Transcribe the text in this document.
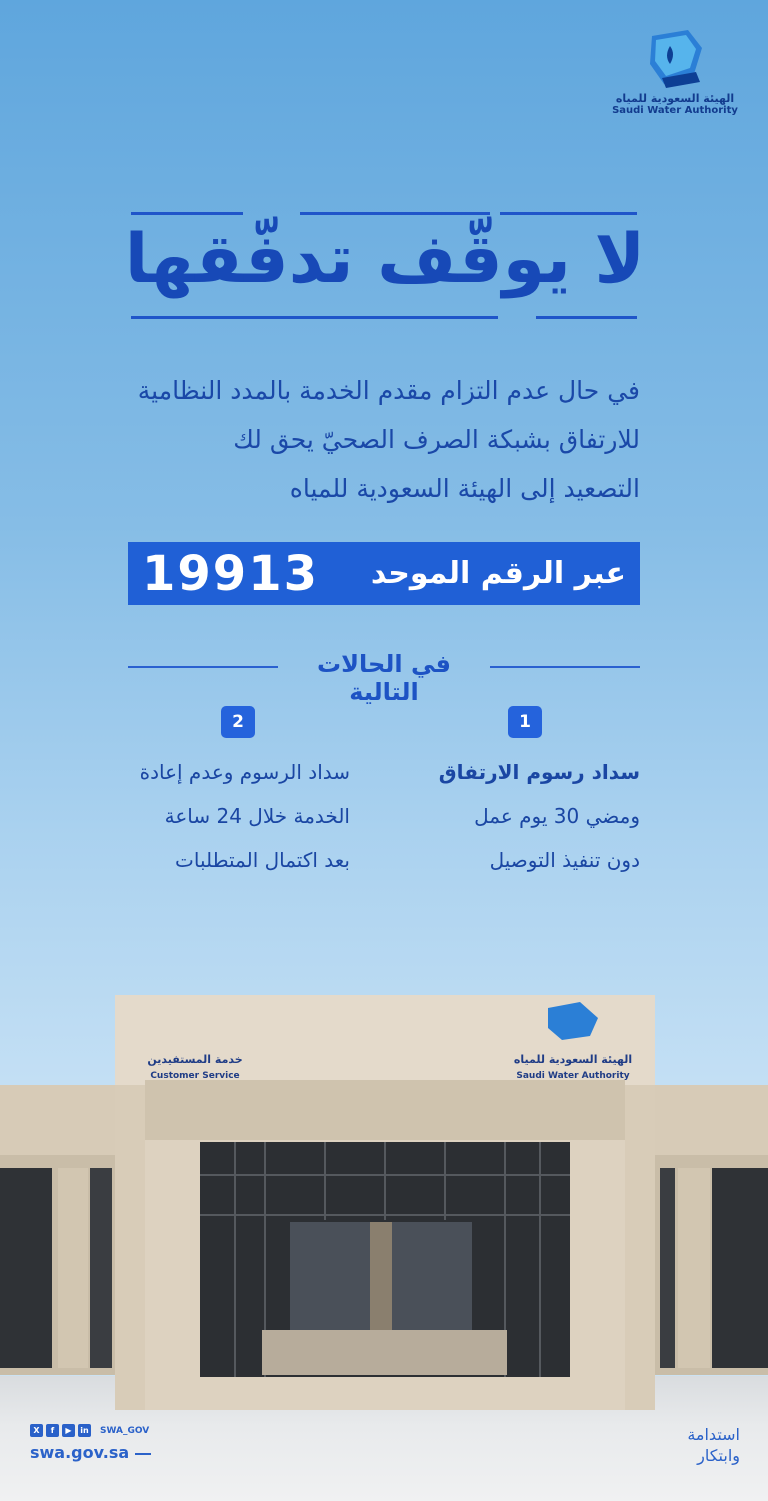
الهيئة السعودية للمياه
Saudi Water Authority
لا يوقّف تدفّقها
في حال عدم التزام مقدم الخدمة بالمدد النظامية
للارتفاق بشبكة الصرف الصحيّ يحق لك
التصعيد إلى الهيئة السعودية للمياه
عبر الرقم الموحد
19913
في الحالات التالية
1
سداد رسوم الارتفاق
ومضي 30 يوم عمل
دون تنفيذ التوصيل
2
سداد الرسوم وعدم إعادة
الخدمة خلال 24 ساعة
بعد اكتمال المتطلبات
خدمة المستفيدين
Customer Service
الهيئة السعودية للمياه
Saudi Water Authority
X	f	▶	in SWA_GOV
swa.gov.sa
استدامة
وابتكار
